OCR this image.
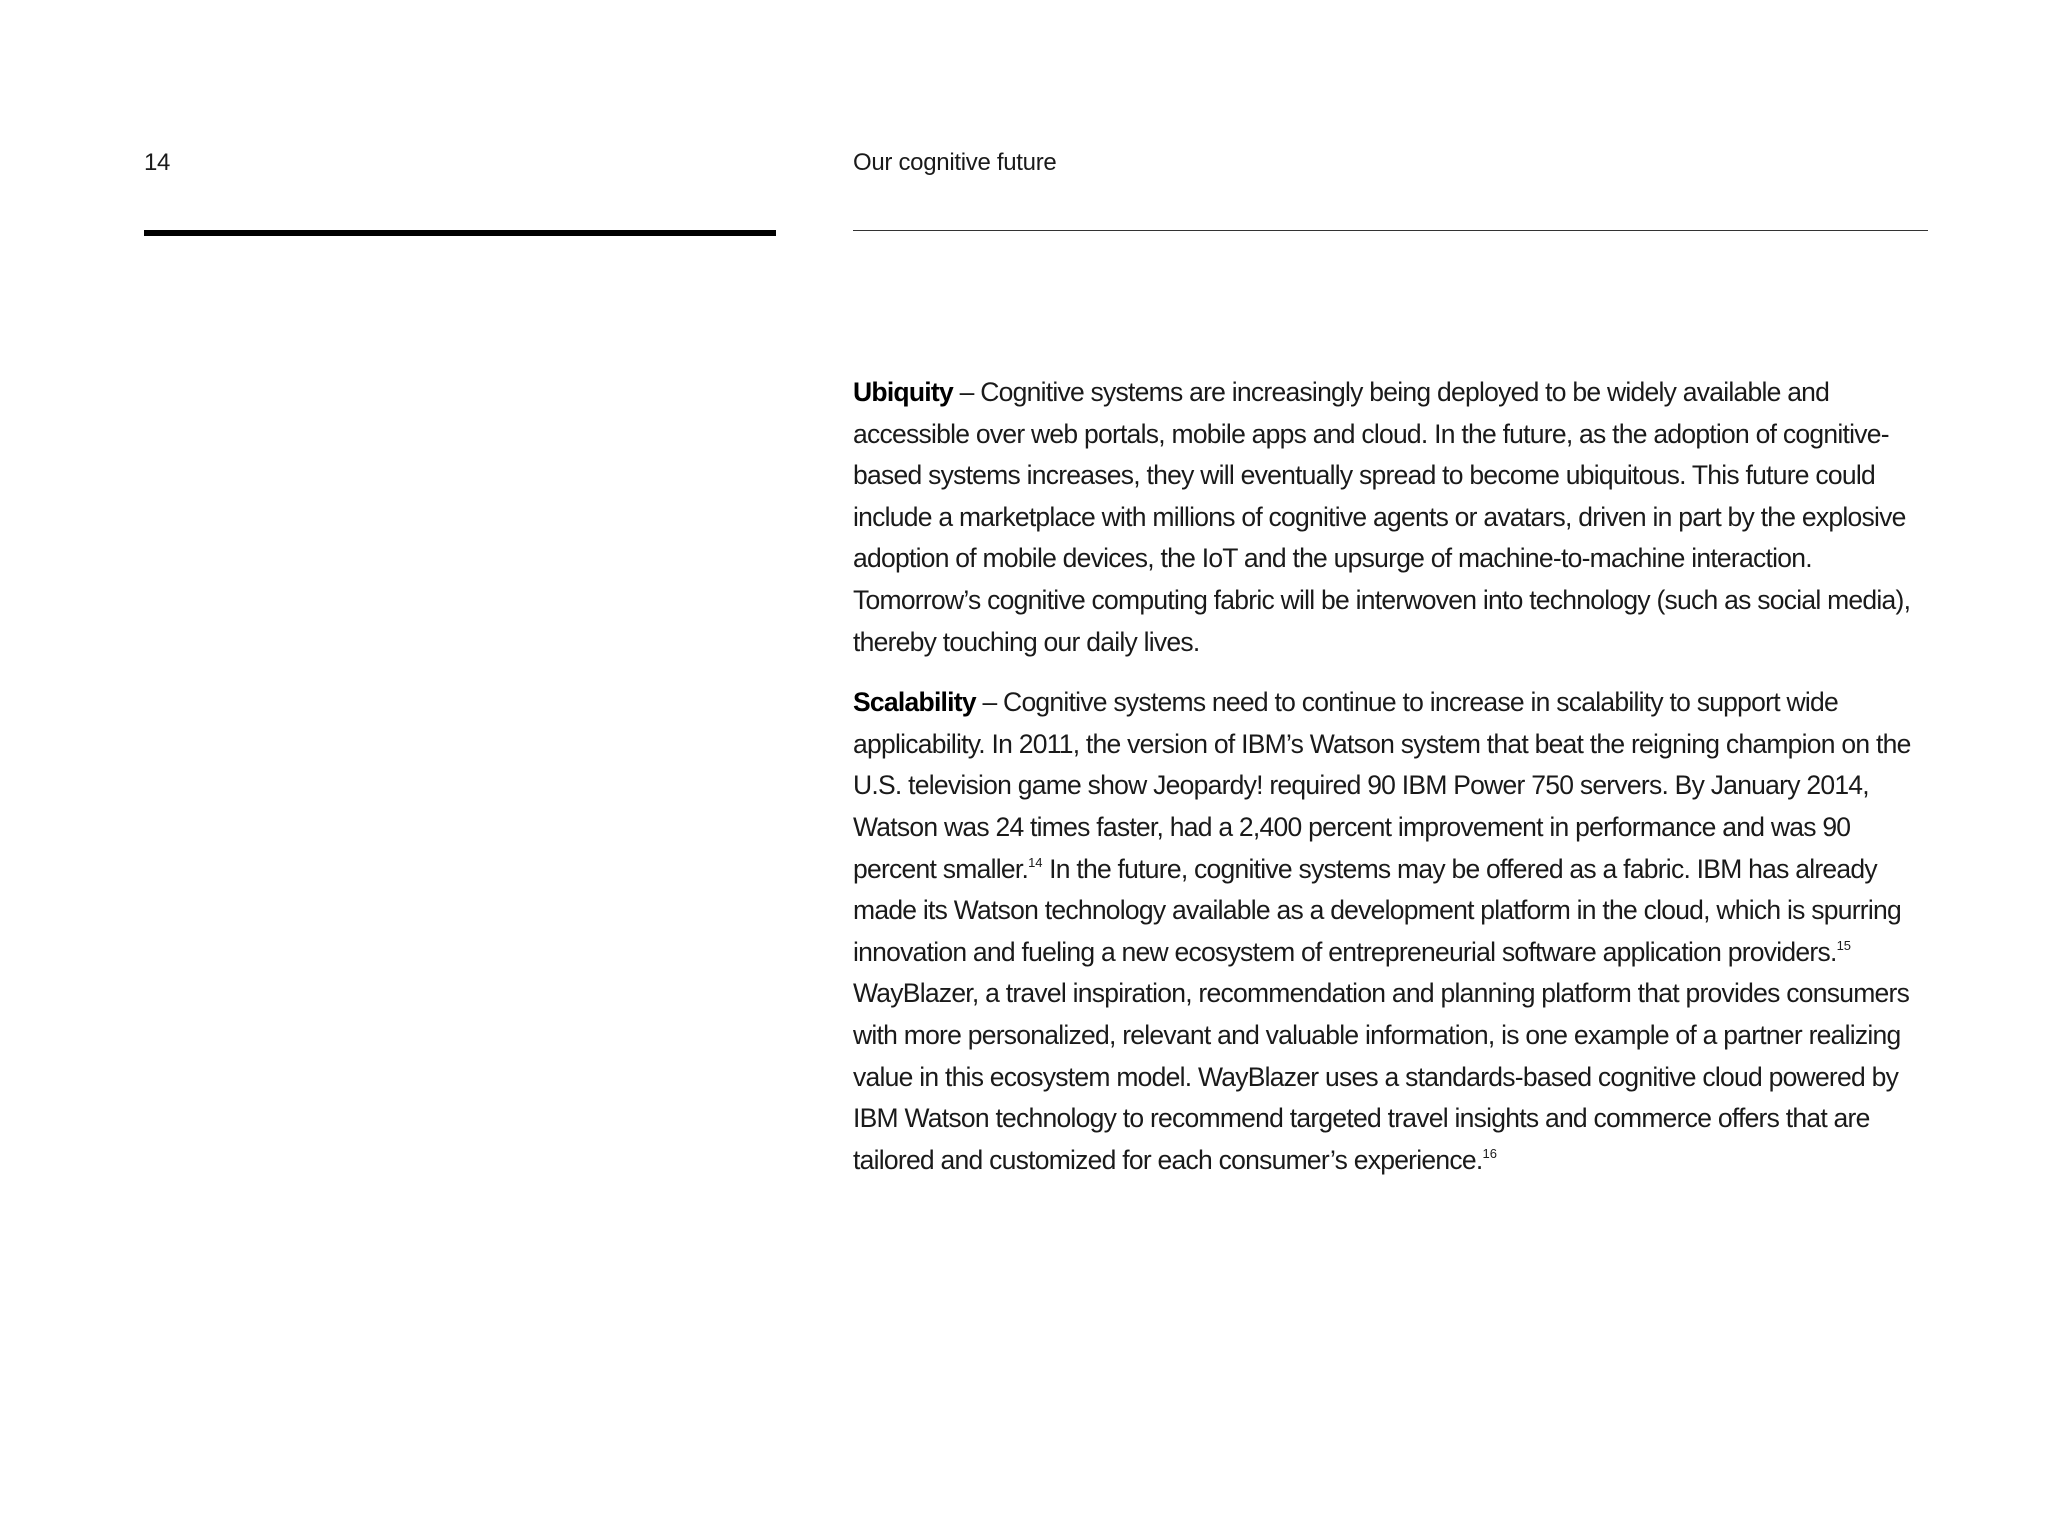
14	Our cognitive future

Ubiquity – Cognitive systems are increasingly being deployed to be widely available and accessible over web portals, mobile apps and cloud. In the future, as the adoption of cognitive-based systems increases, they will eventually spread to become ubiquitous. This future could include a marketplace with millions of cognitive agents or avatars, driven in part by the explosive adoption of mobile devices, the IoT and the upsurge of machine-to-machine interaction. Tomorrow’s cognitive computing fabric will be interwoven into technology (such as social media), thereby touching our daily lives.

Scalability – Cognitive systems need to continue to increase in scalability to support wide applicability. In 2011, the version of IBM’s Watson system that beat the reigning champion on the U.S. television game show Jeopardy! required 90 IBM Power 750 servers. By January 2014, Watson was 24 times faster, had a 2,400 percent improvement in performance and was 90 percent smaller.$^{14}$ In the future, cognitive systems may be offered as a fabric. IBM has already made its Watson technology available as a development platform in the cloud, which is spurring innovation and fueling a new ecosystem of entrepreneurial software application providers.$^{15}$ WayBlazer, a travel inspiration, recommendation and planning platform that provides consumers with more personalized, relevant and valuable information, is one example of a partner realizing value in this ecosystem model. WayBlazer uses a standards-based cognitive cloud powered by IBM Watson technology to recommend targeted travel insights and commerce offers that are tailored and customized for each consumer’s experience.$^{16}$
